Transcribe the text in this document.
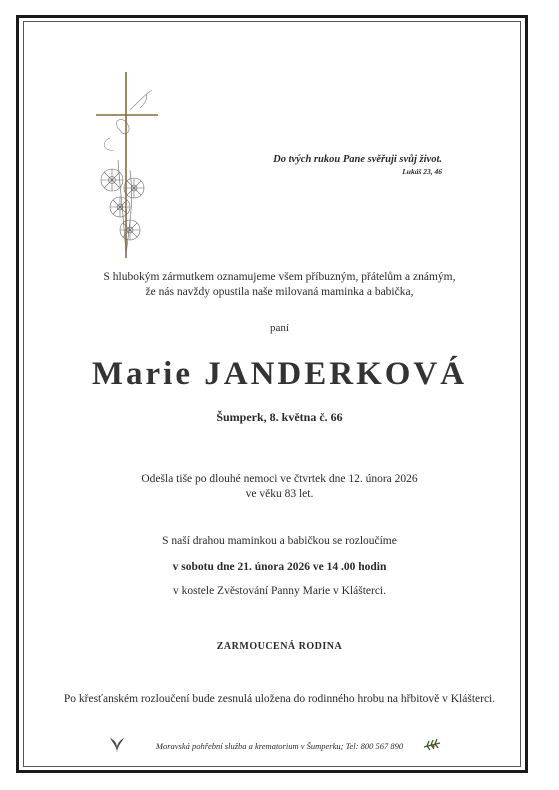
Do tvých rukou Pane svěřuji svůj život.
Lukáš 23, 46
S hlubokým zármutkem oznamujeme všem příbuzným, přátelům a známým,
že nás navždy opustila naše milovaná maminka a babička,
paní
Marie JANDERKOVÁ
Šumperk, 8. května č. 66
Odešla tiše po dlouhé nemoci ve čtvrtek dne 12. února 2026
ve věku 83 let.
S naší drahou maminkou a babičkou se rozloučíme
v sobotu dne 21. února 2026 ve 14 .00 hodin
v kostele Zvěstování Panny Marie v Klášterci.
ZARMOUCENÁ RODINA
Po křesťanském rozloučení bude zesnulá uložena do rodinného hrobu na hřbitově v Klášterci.
Moravská pohřební služba a krematorium v Šumperku; Tel: 800 567 890
